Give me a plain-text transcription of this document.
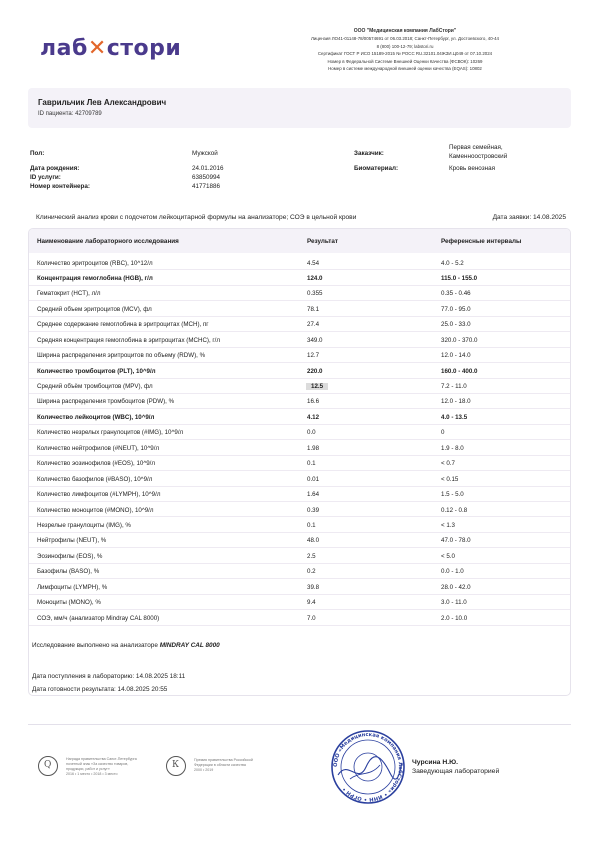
лаб✕стори
ООО "Медицинская компания ЛабСтори"
Лицензия ЛО41-01148-78/00574691 от 06.03.2018; Санкт-Петербург, ул. Достоевского, 40-44
8 (800) 100-12-79; labstori.ru
Сертификат ГОСТ Р ИСО 15189-2015 № РОСС RU.32101.04ЖЗИ.Ц049 от 07.10.2024
Номер в Федеральной Системе Внешней Оценки Качества (ФСВОК): 10269
Номер в системе международной внешней оценки качества (EQAS): 10802
Гаврильчик Лев Александрович
ID пациента: 42709789
Пол:	Мужской
Дата рождения:	24.01.2016
ID услуги:	63850994
Номер контейнера:	41771886
Заказчик:
Первая семейная,
Каменноостровский
Биоматериал:	Кровь венозная
Клинический анализ крови с подсчетом лейкоцитарной формулы на анализаторе; СОЭ в цельной крови	Дата заявки: 14.08.2025
Наименование лабораторного исследования	Результат	Референсные интервалы
Количество эритроцитов (RBC), 10^12/л	4.54	4.0 - 5.2
Концентрация гемоглобина (HGB), г/л	124.0	115.0 - 155.0
Гематокрит (HCT), л/л	0.355	0.35 - 0.46
Средний объем эритроцитов (MCV), фл	78.1	77.0 - 95.0
Среднее содержание гемоглобина в эритроцитах (MCH), пг	27.4	25.0 - 33.0
Средняя концентрация гемоглобина в эритроцитах (MCHC), г/л	349.0	320.0 - 370.0
Ширина распределения эритроцитов по объему (RDW), %	12.7	12.0 - 14.0
Количество тромбоцитов (PLT), 10^9/л	220.0	160.0 - 400.0
Средний объём тромбоцитов (MPV), фл	12.5	7.2 - 11.0
Ширина распределения тромбоцитов (PDW), %	16.6	12.0 - 18.0
Количество лейкоцитов (WBC), 10^9/л	4.12	4.0 - 13.5
Количество незрелых гранулоцитов (#IMG), 10^9/л	0.0	0
Количество нейтрофилов (#NEUT), 10^9/л	1.98	1.9 - 8.0
Количество эозинофилов (#EOS), 10^9/л	0.1	< 0.7
Количество базофилов (#BASO), 10^9/л	0.01	< 0.15
Количество лимфоцитов (#LYMPH), 10^9/л	1.64	1.5 - 5.0
Количество моноцитов (#MONO), 10^9/л	0.39	0.12 - 0.8
Незрелые гранулоциты (IMG), %	0.1	< 1.3
Нейтрофилы (NEUT), %	48.0	47.0 - 78.0
Эозинофилы (EOS), %	2.5	< 5.0
Базофилы (BASO), %	0.2	0.0 - 1.0
Лимфоциты (LYMPH), %	39.8	28.0 - 42.0
Моноциты (MONO), %	9.4	3.0 - 11.0
СОЭ, мм/ч (анализатор Mindray CAL 8000)	7.0	2.0 - 10.0
Исследование выполнено на анализаторе MINDRAY CAL 8000
Дата поступления в лабораторию: 14.08.2025 18:11
Дата готовности результата: 14.08.2025 20:55
Q
Награда правительства Санкт-Петербурга
почетный знак «За качество товаров,
продукции, работ и услуг»
2016 • 1 место • 2018 • 3 место
К	Премия правительства Российской
Федерации в области качества
2000 • 2019
ООО «Медицинская компания ЛабСтори» • ИНН • ОГРН •
Чурсина Н.Ю.
Заведующая лабораторией
